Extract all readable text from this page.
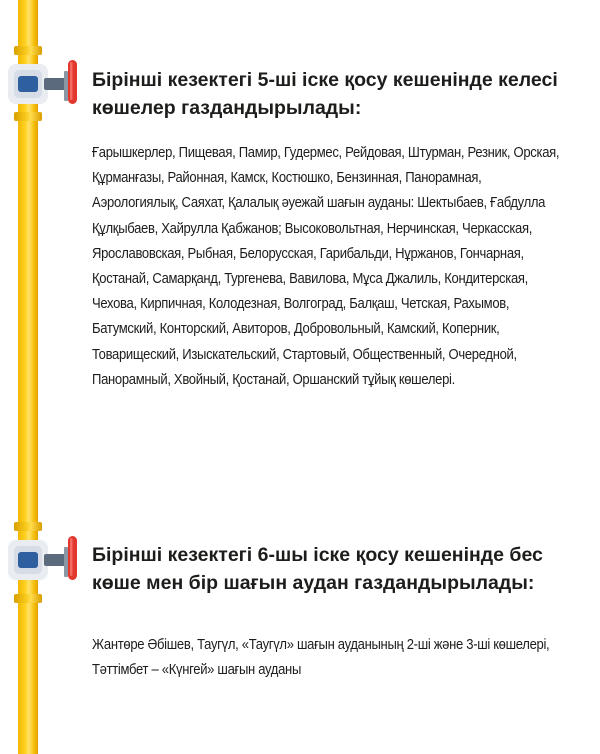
Бірінші кезектегі 5-ші іске қосу кешенінде келесі көшелер газдандырылады:

Ғарышкерлер, Пищевая, Памир, Гудермес, Рейдовая, Штурман, Резник, Орская, Құрманғазы, Районная, Камск, Костюшко, Бензинная, Панорамная, Аэрологиялық, Саяхат, Қалалық әуежай шағын ауданы: Шектыбаев, Ғабдулла Құлқыбаев, Хайрулла Қабжанов; Высоковольтная, Нерчинская, Черкасская, Ярославовская, Рыбная, Белорусская, Гарибальди, Нұржанов, Гончарная, Қостанай, Самарқанд, Тургенева, Вавилова, Мұса Джалиль, Кондитерская, Чехова, Кирпичная, Колодезная, Волгоград, Балқаш, Четская, Рахымов, Батумский, Конторский, Авиторов, Добровольный, Камский, Коперник, Товарищеский, Изыскательский, Стартовый, Общественный, Очередной, Панорамный, Хвойный, Қостанай, Оршанский тұйық көшелері.

Бірінші кезектегі 6-шы іске қосу кешенінде бес көше мен бір шағын аудан газдандырылады:

Жантөре Әбішев, Таугүл, «Таугүл» шағын ауданының 2-ші және 3-ші көшелері, Тәттімбет – «Күнгей» шағын ауданы
